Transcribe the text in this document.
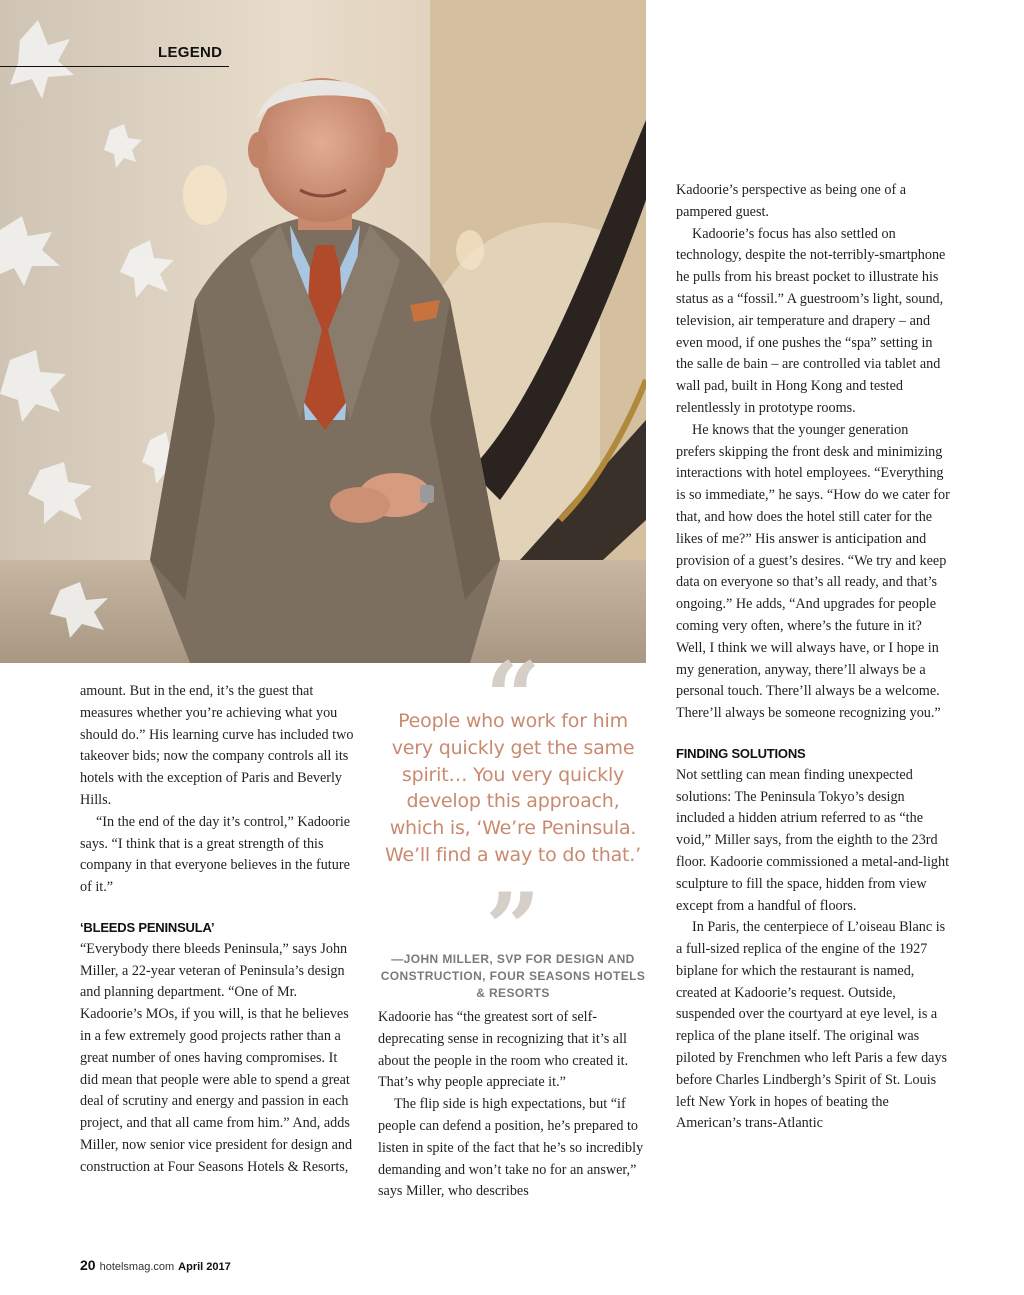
LEGEND

amount. But in the end, it’s the guest that measures whether you’re achieving what you should do.” His learning curve has included two takeover bids; now the company controls all its hotels with the exception of Paris and Beverly Hills.

“In the end of the day it’s control,” Kadoorie says. “I think that is a great strength of this company in that everyone believes in the future of it.”

‘BLEEDS PENINSULA’

“Everybody there bleeds Peninsula,” says John Miller, a 22-year veteran of Peninsula’s design and planning department. “One of Mr. Kadoorie’s MOs, if you will, is that he believes in a few extremely good projects rather than a great number of ones having compromises. It did mean that people were able to spend a great deal of scrutiny and energy and passion in each project, and that all came from him.” And, adds Miller, now senior vice president for design and construction at Four Seasons Hotels & Resorts,

“

People who work for him very quickly get the same spirit… You very quickly develop this approach, which is, ‘We’re Peninsula. We’ll find a way to do that.’

”

—JOHN MILLER, SVP FOR DESIGN AND CONSTRUCTION, FOUR SEASONS HOTELS & RESORTS

Kadoorie has “the greatest sort of self-deprecating sense in recognizing that it’s all about the people in the room who created it. That’s why people appreciate it.”

The flip side is high expectations, but “if people can defend a position, he’s prepared to listen in spite of the fact that he’s so incredibly demanding and won’t take no for an answer,” says Miller, who describes

Kadoorie’s perspective as being one of a pampered guest.

Kadoorie’s focus has also settled on technology, despite the not-terribly-smartphone he pulls from his breast pocket to illustrate his status as a “fossil.” A guestroom’s light, sound, television, air temperature and drapery – and even mood, if one pushes the “spa” setting in the salle de bain – are controlled via tablet and wall pad, built in Hong Kong and tested relentlessly in prototype rooms.

He knows that the younger generation prefers skipping the front desk and minimizing interactions with hotel employees. “Everything is so immediate,” he says. “How do we cater for that, and how does the hotel still cater for the likes of me?” His answer is anticipation and provision of a guest’s desires. “We try and keep data on everyone so that’s all ready, and that’s ongoing.” He adds, “And upgrades for people coming very often, where’s the future in it? Well, I think we will always have, or I hope in my generation, anyway, there’ll always be a personal touch. There’ll always be a welcome. There’ll always be someone recognizing you.”

FINDING SOLUTIONS

Not settling can mean finding unexpected solutions: The Peninsula Tokyo’s design included a hidden atrium referred to as “the void,” Miller says, from the eighth to the 23rd floor. Kadoorie commissioned a metal-and-light sculpture to fill the space, hidden from view except from a handful of floors.

In Paris, the centerpiece of L’oiseau Blanc is a full-sized replica of the engine of the 1927 biplane for which the restaurant is named, created at Kadoorie’s request. Outside, suspended over the courtyard at eye level, is a replica of the plane itself. The original was piloted by Frenchmen who left Paris a few days before Charles Lindbergh’s Spirit of St. Louis left New York in hopes of beating the American’s trans-Atlantic

20 hotelsmag.com April 2017
